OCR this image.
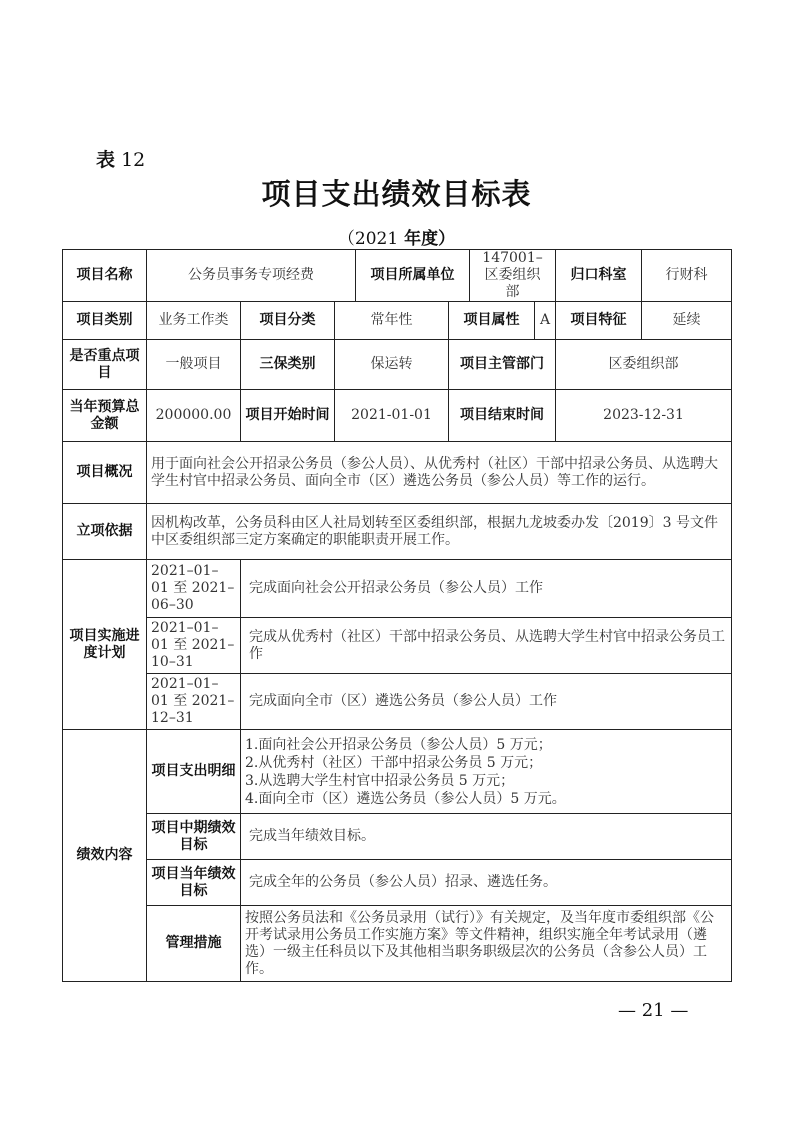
表 12
项目支出绩效目标表
（2021 年度）
项目名称	公务员事务专项经费			项目所属单位		147001–区委组织部		归口科室	行财科
项目类别	业务工作类	项目分类	常年性		项目属性		A	项目特征	延续
是否重点项目	一般项目	三保类别	保运转		项目主管部门			区委组织部	
当年预算总金额	200000.00	项目开始时间	2021-01-01		项目结束时间			2023-12-31	
项目概况	用于面向社会公开招录公务员（参公人员）、从优秀村（社区）干部中招录公务员、从选聘大学生村官中招录公务员、面向全市（区）遴选公务员（参公人员）等工作的运行。								
立项依据	因机构改革，公务员科由区人社局划转至区委组织部，根据九龙坡委办发〔2019〕3 号文件中区委组织部三定方案确定的职能职责开展工作。								
项目实施进度计划	2021–01–01 至 2021–06–30	完成面向社会公开招录公务员（参公人员）工作							
	2021–01–01 至 2021–10–31	完成从优秀村（社区）干部中招录公务员、从选聘大学生村官中招录公务员工作							
	2021–01–01 至 2021–12–31	完成面向全市（区）遴选公务员（参公人员）工作							
绩效内容	项目支出明细	1.面向社会公开招录公务员（参公人员）5 万元；
2.从优秀村（社区）干部中招录公务员 5 万元；
3.从选聘大学生村官中招录公务员 5 万元；
4.面向全市（区）遴选公务员（参公人员）5 万元。							

	项目中期绩效目标	完成当年绩效目标。							
	项目当年绩效目标	完成全年的公务员（参公人员）招录、遴选任务。							
	管理措施	按照公务员法和《公务员录用（试行）》有关规定，及当年度市委组织部《公开考试录用公务员工作实施方案》等文件精神，组织实施全年考试录用（遴选）一级主任科员以下及其他相当职务职级层次的公务员（含参公人员）工作。							
— 21 —
